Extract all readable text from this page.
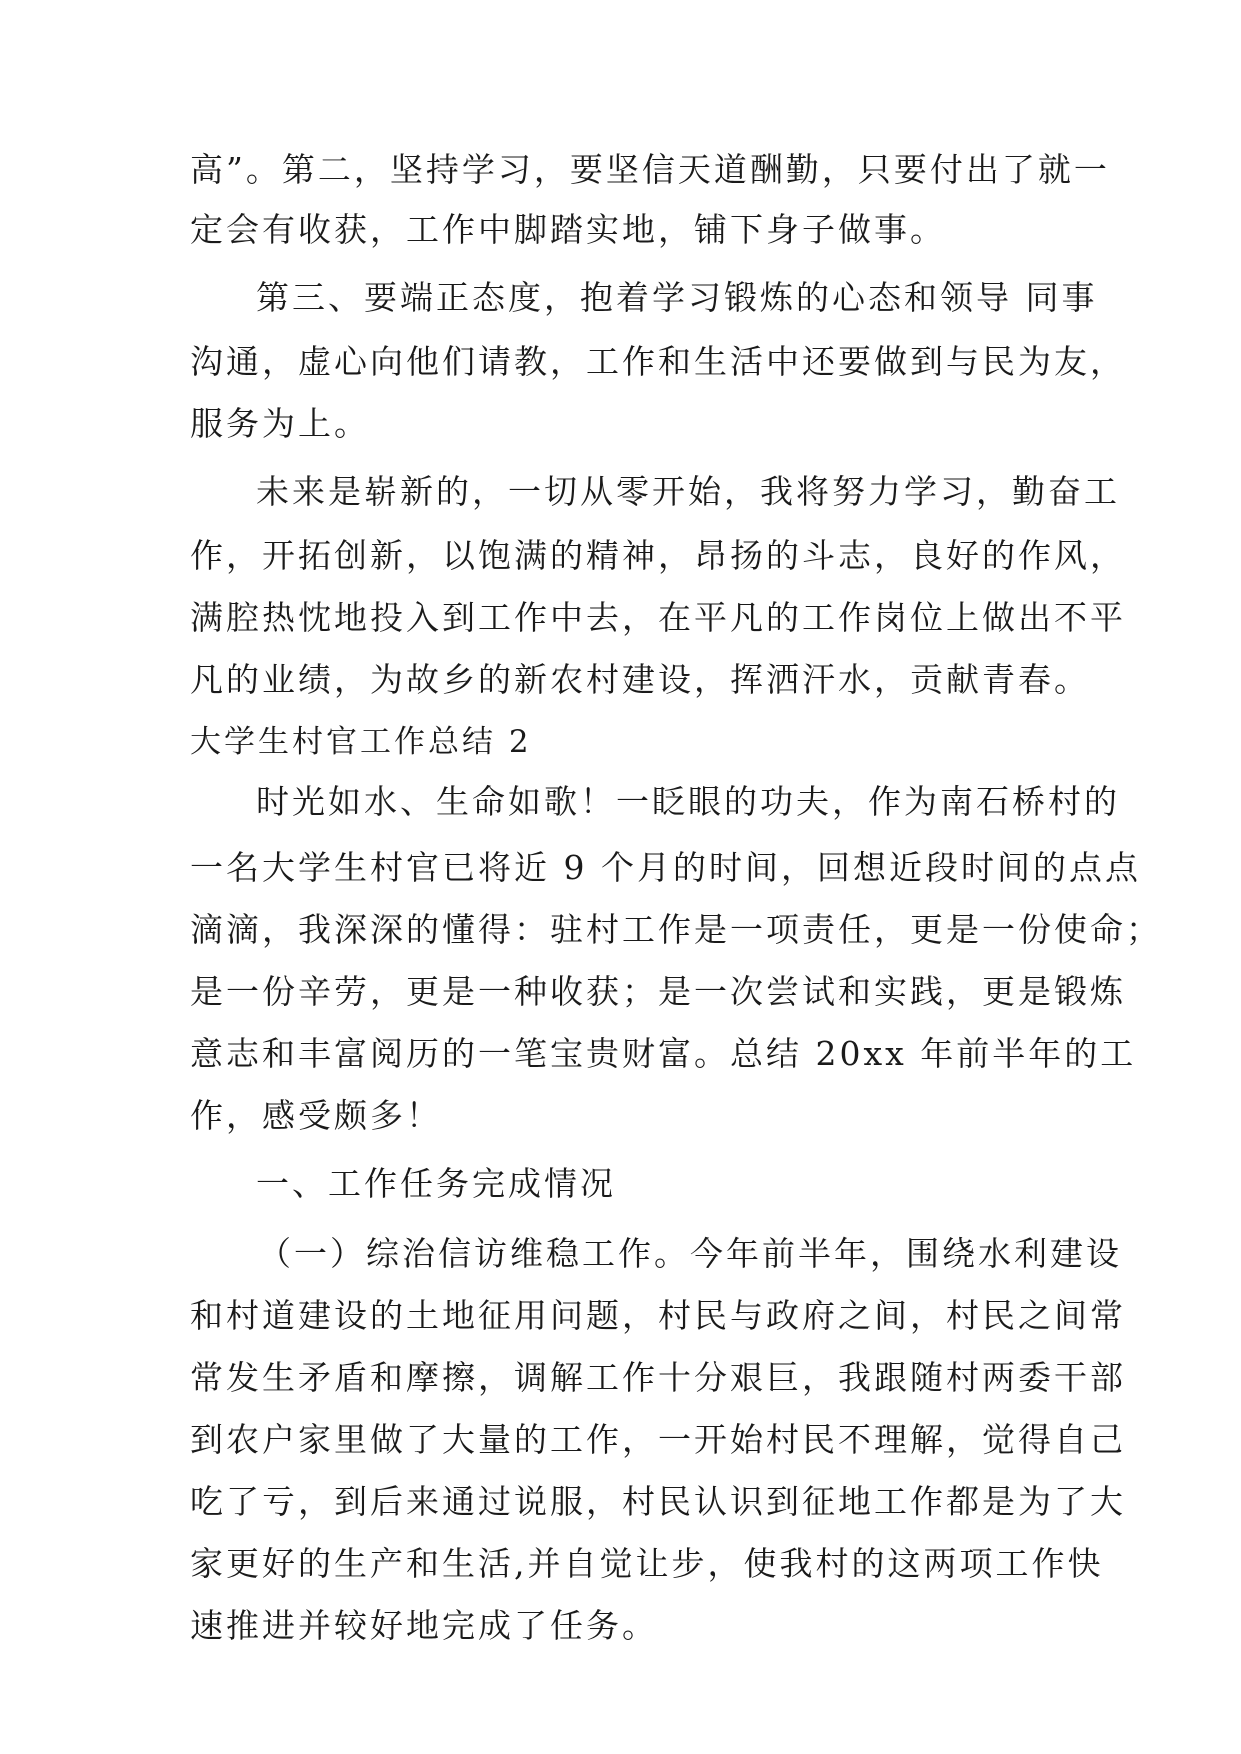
高”。第二，坚持学习，要坚信天道酬勤，只要付出了就一
定会有收获，工作中脚踏实地，铺下身子做事。
第三、要端正态度，抱着学习锻炼的心态和领导 同事
沟通，虚心向他们请教，工作和生活中还要做到与民为友，
服务为上。
未来是崭新的，一切从零开始，我将努力学习，勤奋工
作，开拓创新，以饱满的精神，昂扬的斗志，良好的作风，
满腔热忱地投入到工作中去，在平凡的工作岗位上做出不平
凡的业绩，为故乡的新农村建设，挥洒汗水，贡献青春。
大学生村官工作总结 2
时光如水、生命如歌！一眨眼的功夫，作为南石桥村的
一名大学生村官已将近 9 个月的时间，回想近段时间的点点
滴滴，我深深的懂得：驻村工作是一项责任，更是一份使命；
是一份辛劳，更是一种收获；是一次尝试和实践，更是锻炼
意志和丰富阅历的一笔宝贵财富。总结 20xx 年前半年的工
作，感受颇多！
一、工作任务完成情况
（一）综治信访维稳工作。今年前半年，围绕水利建设
和村道建设的土地征用问题，村民与政府之间，村民之间常
常发生矛盾和摩擦，调解工作十分艰巨，我跟随村两委干部
到农户家里做了大量的工作，一开始村民不理解，觉得自己
吃了亏，到后来通过说服，村民认识到征地工作都是为了大
家更好的生产和生活,并自觉让步，使我村的这两项工作快
速推进并较好地完成了任务。
